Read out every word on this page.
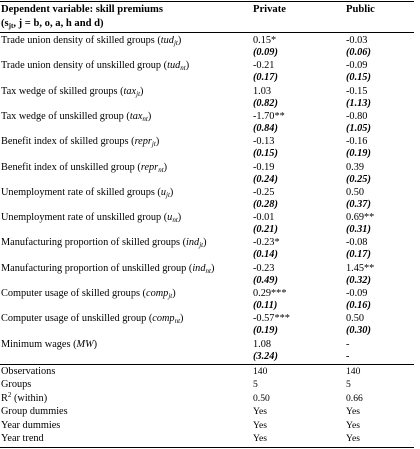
Dependent variable: skill premiums
($s_{jt}$, j = b, o, a, h and d)
Private	Public
Trade union density of skilled groups (tud$_{jt}$)	0.15*	-0.03
(0.09)	(0.06)
Trade union density of unskilled group (tud$_{nt}$)	-0.21	-0.09
(0.17)	(0.15)
Tax wedge of skilled groups (tax$_{jt}$)	1.03	-0.15
(0.82)	(1.13)
Tax wedge of unskilled group (tax$_{nt}$)	-1.70**	-0.80
(0.84)	(1.05)
Benefit index of skilled groups (repr$_{jt}$)	-0.13	-0.16
(0.15)	(0.19)
Benefit index of unskilled group (repr$_{nt}$)	-0.19	0.39
(0.24)	(0.25)
Unemployment rate of skilled groups $(u_{jt})$	-0.25	0.50
(0.28)	(0.37)
Unemployment rate of unskilled group $(u_{nt})$	-0.01	0.69**
(0.21)	(0.31)
Manufacturing proportion of skilled groups (ind$_{jt}$)	-0.23*	-0.08
(0.14)	(0.17)
Manufacturing proportion of unskilled group (ind$_{nt}$)	-0.23	1.45**
(0.49)	(0.32)
Computer usage of skilled groups (comp$_{jt}$)	0.29***	-0.09
(0.11)	(0.16)
Computer usage of unskilled group (comp$_{nt}$)	-0.57***	0.50
(0.19)	(0.30)
Minimum wages (MW)	1.08	-
(3.24)	-
Observations	140	140
Groups	5	5
$R^2$ (within)	0.50	0.66
Group dummies	Yes	Yes
Year dummies	Yes	Yes
Year trend	Yes	Yes
